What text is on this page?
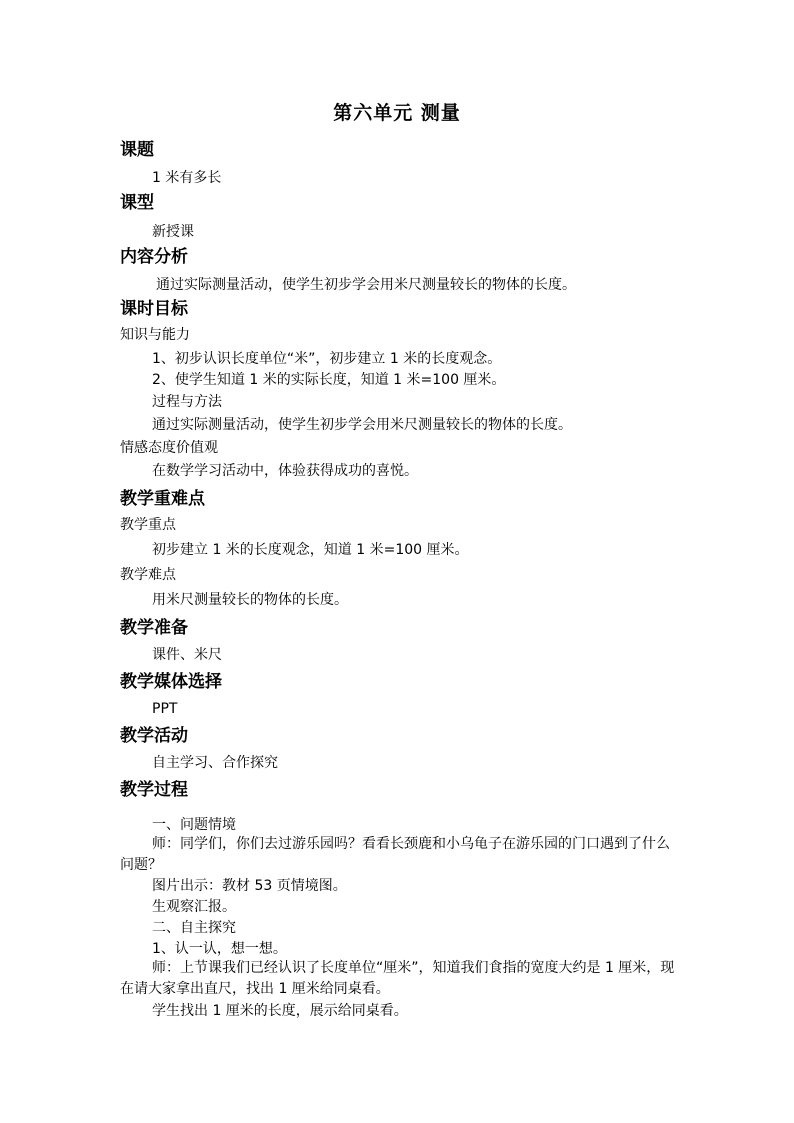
第六单元 测量
课题
1 米有多长
课型
新授课
内容分析
通过实际测量活动，使学生初步学会用米尺测量较长的物体的长度。
课时目标
知识与能力
1、初步认识长度单位“米”，初步建立 1 米的长度观念。
2、使学生知道 1 米的实际长度，知道 1 米=100 厘米。
过程与方法
通过实际测量活动，使学生初步学会用米尺测量较长的物体的长度。
情感态度价值观
在数学学习活动中，体验获得成功的喜悦。
教学重难点
教学重点
初步建立 1 米的长度观念，知道 1 米=100 厘米。
教学难点
用米尺测量较长的物体的长度。
教学准备
课件、米尺
教学媒体选择
PPT
教学活动
自主学习、合作探究
教学过程
一、问题情境
师：同学们，你们去过游乐园吗？看看长颈鹿和小乌龟子在游乐园的门口遇到了什么问题？
图片出示：教材 53 页情境图。
生观察汇报。
二、自主探究
1、认一认，想一想。
师：上节课我们已经认识了长度单位“厘米”，知道我们食指的宽度大约是 1 厘米，现在请大家拿出直尺，找出 1 厘米给同桌看。
学生找出 1 厘米的长度，展示给同桌看。
